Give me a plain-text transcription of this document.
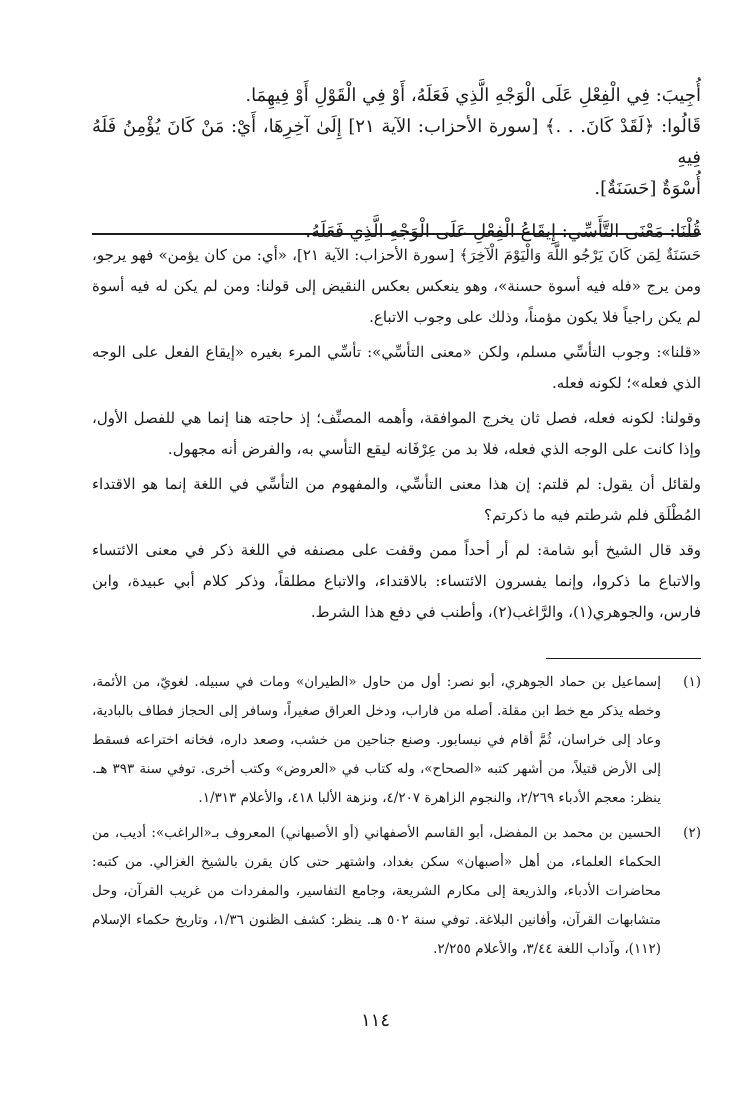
أُجِيبَ: فِي الْفِعْلِ عَلَى الْوَجْهِ الَّذِي فَعَلَهُ، أَوْ فِي الْقَوْلِ أَوْ فِيهِمَا.

قَالُوا: ﴿لَقَدْ كَانَ. . .﴾ [سورة الأحزاب: الآية ٢١] إِلَىٰ آخِرِهَا، أَيْ: مَنْ كَانَ يُؤْمِنُ فَلَهُ فِيهِ

أُسْوَةٌ [حَسَنَةٌ].

قُلْنَا: مَعْنَى التَّأَسِّي: إِيقَاعُ الْفِعْلِ عَلَى الْوَجْهِ الَّذِي فَعَلَهُ.

حَسَنَةٌ لِمَن كَانَ يَرْجُو اللَّهَ وَالْيَوْمَ الْآخِرَ﴾ [سورة الأحزاب: الآية ٢١]، «أي: من كان يؤمن» فهو يرجو، ومن يرج «فله فيه أسوة حسنة»، وهو ينعكس بعكس النقيض إلى قولنا: ومن لم يكن له فيه أسوة لم يكن راجياً فلا يكون مؤمناً، وذلك على وجوب الاتباع.

«قلنا»: وجوب التأسِّي مسلم، ولكن «معنى التأسِّي»: تأسِّي المرء بغيره «إيقاع الفعل على الوجه الذي فعله»؛ لكونه فعله.

وقولنا: لكونه فعله، فصل ثان يخرج الموافقة، وأهمه المصنِّف؛ إذ حاجته هنا إنما هي للفصل الأول، وإذا كانت على الوجه الذي فعله، فلا بد من عِرْفَانه ليقع التأسي به، والفرض أنه مجهول.

ولقائل أن يقول: لم قلتم: إن هذا معنى التأسِّي، والمفهوم من التأسِّي في اللغة إنما هو الاقتداء المُطْلَق فلم شرطتم فيه ما ذكرتم؟

وقد قال الشيخ أبو شامة: لم أر أحداً ممن وقفت على مصنفه في اللغة ذكر في معنى الائتساء والاتباع ما ذكروا، وإنما يفسرون الائتساء: بالاقتداء، والاتباع مطلقاً، وذكر كلام أبي عبيدة، وابن فارس، والجوهري(١)، والرَّاغب(٢)، وأطنب في دفع هذا الشرط.

(١)
إسماعيل بن حماد الجوهري، أبو نصر: أول من حاول «الطيران» ومات في سبيله. لغويّ، من الأئمة، وخطه يذكر مع خط ابن مقلة. أصله من فاراب، ودخل العراق صغيراً، وسافر إلى الحجاز فطاف بالبادية، وعاد إلى خراسان، ثُمَّ أقام في نيسابور. وصنع جناحين من خشب، وصعد داره، فخانه اختراعه فسقط إلى الأرض قتيلاً، من أشهر كتبه «الصحاح»، وله كتاب في «العروض» وكتب أخرى. توفي سنة ٣٩٣ هـ. ينظر: معجم الأدباء ٢/٢٦٩، والنجوم الزاهرة ٤/٢٠٧، ونزهة الألبا ٤١٨، والأعلام ١/٣١٣.
(٢)
الحسين بن محمد بن المفضل، أبو القاسم الأصفهاني (أو الأصبهاني) المعروف بـ«الراغب»: أديب، من الحكماء العلماء، من أهل «أصبهان» سكن بغداد، واشتهر حتى كان يقرن بالشيخ الغزالي. من كتبه: محاضرات الأدباء، والذريعة إلى مكارم الشريعة، وجامع التفاسير، والمفردات من غريب القرآن، وحل متشابهات القرآن، وأفانين البلاغة. توفي سنة ٥٠٢ هـ. ينظر: كشف الظنون ١/٣٦، وتاريخ حكماء الإسلام (١١٢)، وآداب اللغة ٣/٤٤، والأعلام ٢/٢٥٥.
١١٤
